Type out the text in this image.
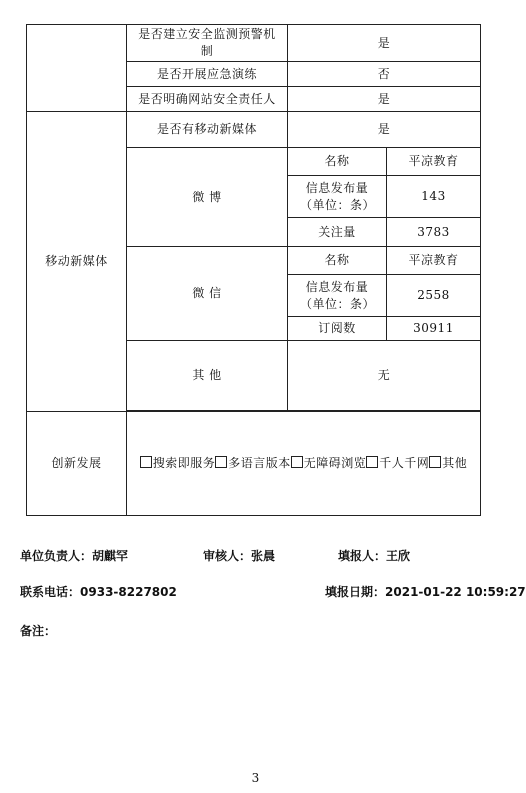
	是否建立安全监测预警机制	是	
	是否开展应急演练	否	
	是否明确网站安全责任人	是	
移动新媒体	是否有移动新媒体	是	
	微 博	名称	平凉教育
		信息发布量（单位：条）	143
		关注量	3783
	微 信	名称	平凉教育
		信息发布量（单位：条）	2558
		订阅数	30911
	其 他	无	

创新发展	搜索即服务 多语言版本 无障碍浏览 千人千网 其他		
单位负责人：胡麒罕	审核人：张晨	填报人：王欣
联系电话：0933-8227802	填报日期：2021-01-22 10:59:27
备注：
3
